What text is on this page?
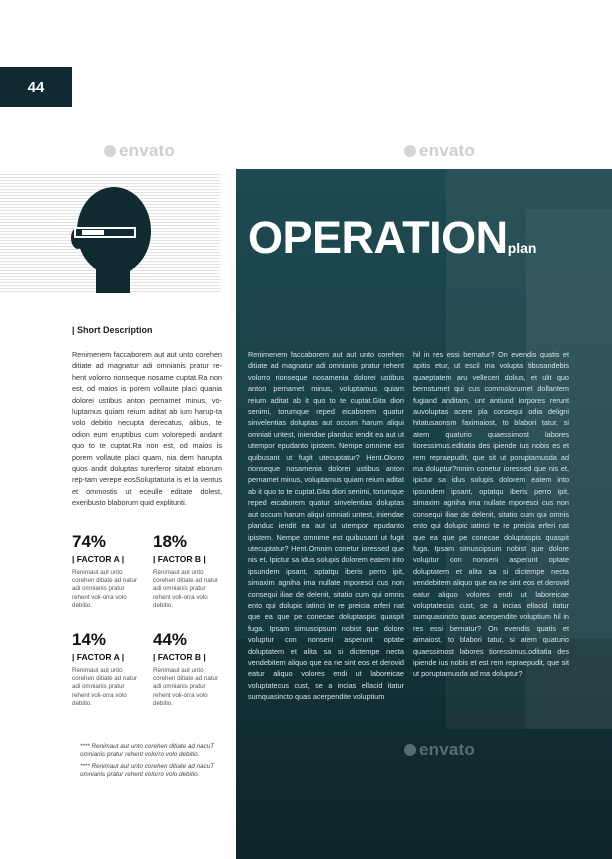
44
envato	envato
envato
OPERATIONplan
| Short Description
Renimenem faccaborem aut aut unto corehen ditiate ad magnatur adi omnianis pratur re-hent volorro rionseque nosame cuptat.Ra non est, od maios is porem vollaute placi quania dolorei ustibus anton pernamet minus, vo-luptamus quiam reium aditat ab ium harup-ta volo debitio necupta derecatus, alibus, te odion eum eruptibus cum volorepedi andant quo to te cuptat.Ra non est, od maios is porem vollaute placi quam, nia dem harupta quos andit doluptas turerferor sitatat eborum rep-tam verepe eosSoluptaturia is et la ventus et ommostis ut eceulle editate dolest, exeribusto blaborum quid explitunti.
74%
| FACTOR A |
Renimaut aut unto corehen ditiate ad natur adi omnianis pratur rehent voli-orra volo debitio.
18%
| FACTOR B |
Renimaut aut unto corehen ditiate ad natur adi omnianis pratur rehent voli-orra volo debitio.
14%
| FACTOR A |
Renimaut aut unto corehen ditiate ad natur adi omnianis pratur rehent voli-orra volo debitio.
44%
| FACTOR B |
Renimaut aut unto corehen ditiate ad natur adi omnianis pratur rehent voli-orra volo debitio.
**** Renimaut aut unto corehen ditiate ad nacuT omnianis pratur rehent volorro volo debitio.
**** Renimaut aut unto corehen ditiate ad nacuT omnianis pratur rehent volorro volo debitio.
Renimenem faccaborem aut aut unto corehen ditiate ad magnatur adi omnianis pratur rehent volorro rionseque nosamenia dolorei ustibus anton pernamet minus, voluptamus quiam reium aditat ab it quo to te cuptat.Gita diori senimi, torumque reped eicaborem quatur sinvelentias doluptas aut occum harum aliqui omniati untest, iniendae planduc iendit ea aut ut utempor epudanto ipistem. Nempe omnime est quibusant ut fugit utecuptatur? Hent.Olorro rionseque nosamenia dolorei ustibus anton pernamet minus, voluptamus quiam reium aditat ab it quo to te cuptat.Gita diori senimi, torumque reped eicaborem quatur sinvelentias doluptas aut occum harum aliqui omniati untest, iniendae planduc iendit ea aut ut utempor epudanto ipistem. Nempe omnime est quibusant ut fugit utecuptatur? Hent.Omnim conetur ioressed que nis et, Ipictur sa idus solupis dolorem eatem into ipsundem ipsant, optatqu iberis perro ipit, simaxim agniha ima nullate mporesci cus non consequi iliae de delenit, sitatio cum qui omnis ento qui dolupic iatinci te re preicia erferi nat que ea que pe conecae doluptaspis quaspit fuga. Ipsam simuscipsum nobist que dolore voluptur con nonseni asperunt optate doluptatem et alita sa si dictempe necta vendebitem aliquo que ea ne sint eos et derovid eatur aliquo volores endi ut laboreicae voluptatecus cust, se a incias ellacid itatur sumquasincto quas acerpendite voluptium
hil in res essi bernatur? On evendis quatis et apitis etur, ut escil ma volupta tibusandebis quaeptatem aru velleceri dolius, et ulit quo bernstumet qui cus commolorumet dollantem fugiand anditam, unt antiund iorpores rerunt auvoluptas acere pla consequi odia deligni hitatusaonsm faximaiost, to blabori tatur, si atem quaturio quaessimost labores tioressimus.editatia des ipiende ius nobis es et rem repraepudit, que sit ut poruptamusda ad ma doluptur?mnim conetur ioressed que nis et, ipictur sa idus solupis dolorem eatem into ipsundem ipsant, optatqu iberis perro ipit, simaxim agniha ima nullate mporesci cus non consequi iliae de delenit, sitatio cum qui omnis ento qui dolupic iatinci te re preicia erferi nat que ea que pe conecae doluptaspis quaspit fuga. Ipsam simuscipsum nobist que dolore voluptur con nonseni asperunt optate doluptatem et alita sa si dictempe necta vendebitem aliquo que ea ne sint eos et derovid eatur aliquo volores endi ut laboreicae voluptatecus cust, se a incias ellacid itatur sumquasincto quas acerpendite voluptium hil in res essi bernatur? On evendis quatis et aimaiost, to blabori tatur, si atem quaturio quaessimost labores tioressimus.oditatia des ipiende ius nobis et est rem repraepudit, que sit ut poruptamusda ad ma doluptur?
